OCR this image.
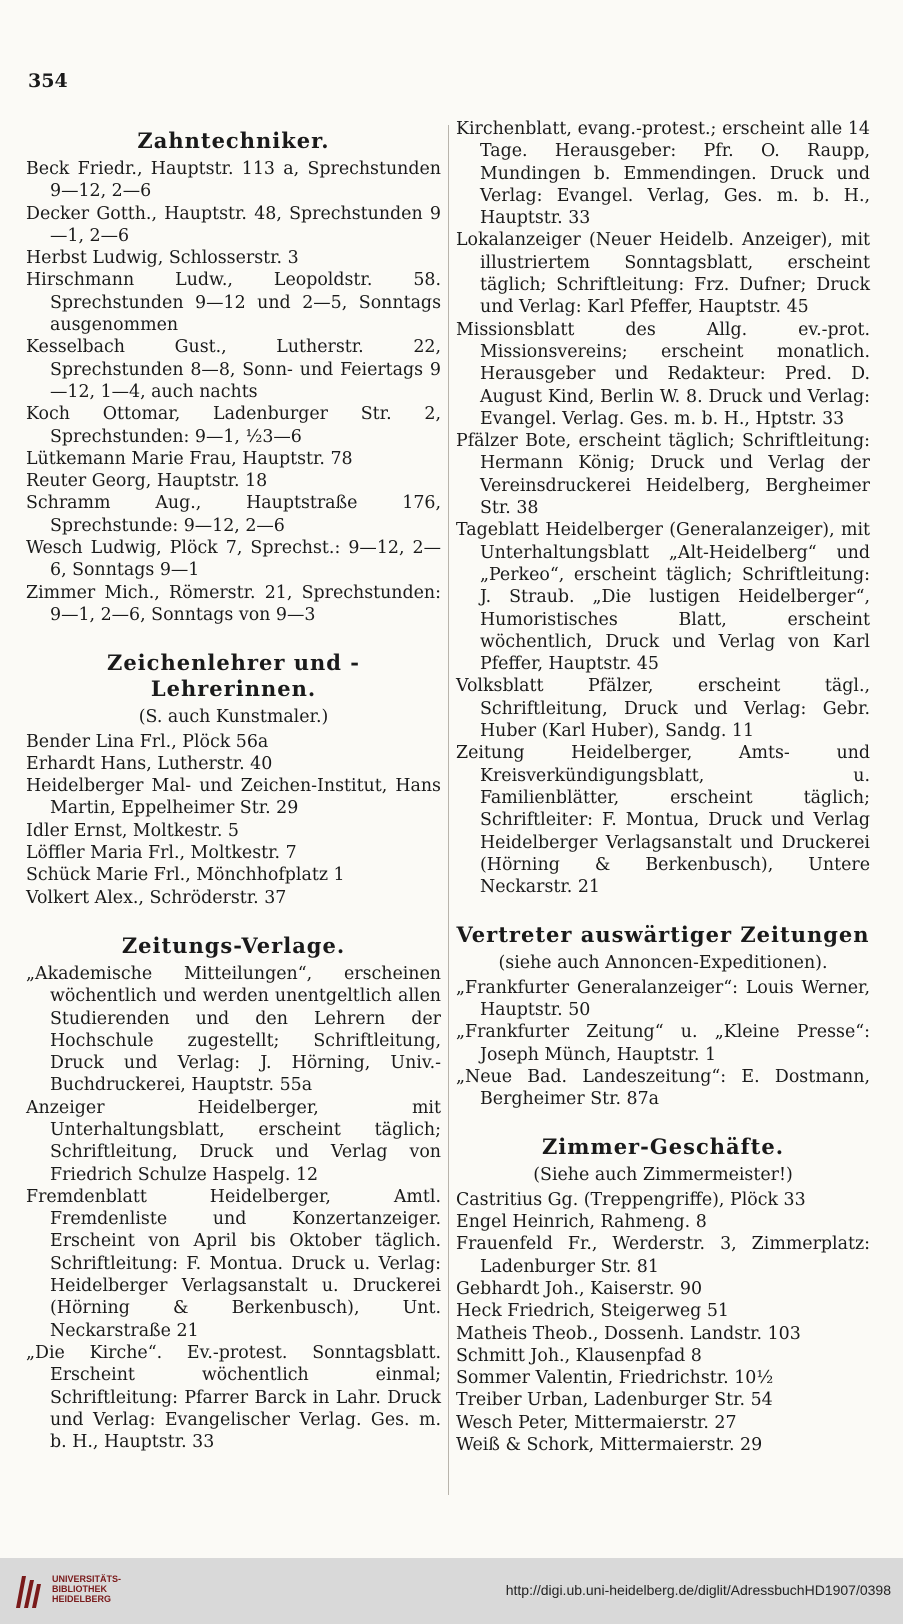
354
Zahntechniker.
Beck Friedr., Hauptstr. 113 a, Sprechstunden 9—12, 2—6
Decker Gotth., Hauptstr. 48, Sprechstunden 9—1, 2—6
Herbst Ludwig, Schlosserstr. 3
Hirschmann Ludw., Leopoldstr. 58. Sprechstunden 9—12 und 2—5, Sonntags ausgenommen
Kesselbach Gust., Lutherstr. 22, Sprechstunden 8—8, Sonn- und Feiertags 9—12, 1—4, auch nachts
Koch Ottomar, Ladenburger Str. 2, Sprechstunden: 9—1, ½3—6
Lütkemann Marie Frau, Hauptstr. 78
Reuter Georg, Hauptstr. 18
Schramm Aug., Hauptstraße 176, Sprechstunde: 9—12, 2—6
Wesch Ludwig, Plöck 7, Sprechst.: 9—12, 2—6, Sonntags 9—1
Zimmer Mich., Römerstr. 21, Sprechstunden: 9—1, 2—6, Sonntags von 9—3
Zeichenlehrer und -Lehrerinnen.
(S. auch Kunstmaler.)
Bender Lina Frl., Plöck 56a
Erhardt Hans, Lutherstr. 40
Heidelberger Mal- und Zeichen-Institut, Hans Martin, Eppelheimer Str. 29
Idler Ernst, Moltkestr. 5
Löffler Maria Frl., Moltkestr. 7
Schück Marie Frl., Mönchhofplatz 1
Volkert Alex., Schröderstr. 37
Zeitungs-Verlage.
„Akademische Mitteilungen“, erscheinen wöchentlich und werden unentgeltlich allen Studierenden und den Lehrern der Hochschule zugestellt; Schriftleitung, Druck und Verlag: J. Hörning, Univ.-Buchdruckerei, Hauptstr. 55a
Anzeiger Heidelberger, mit Unterhaltungsblatt, erscheint täglich; Schriftleitung, Druck und Verlag von Friedrich Schulze Haspelg. 12
Fremdenblatt Heidelberger, Amtl. Fremdenliste und Konzertanzeiger. Erscheint von April bis Oktober täglich. Schriftleitung: F. Montua. Druck u. Verlag: Heidelberger Verlagsanstalt u. Druckerei (Hörning & Berkenbusch), Unt. Neckarstraße 21
„Die Kirche“. Ev.-protest. Sonntagsblatt. Erscheint wöchentlich einmal; Schriftleitung: Pfarrer Barck in Lahr. Druck und Verlag: Evangelischer Verlag. Ges. m. b. H., Hauptstr. 33
Kirchenblatt, evang.-protest.; erscheint alle 14 Tage. Herausgeber: Pfr. O. Raupp, Mundingen b. Emmendingen. Druck und Verlag: Evangel. Verlag, Ges. m. b. H., Hauptstr. 33
Lokalanzeiger (Neuer Heidelb. Anzeiger), mit illustriertem Sonntagsblatt, erscheint täglich; Schriftleitung: Frz. Dufner; Druck und Verlag: Karl Pfeffer, Hauptstr. 45
Missionsblatt des Allg. ev.-prot. Missionsvereins; erscheint monatlich. Herausgeber und Redakteur: Pred. D. August Kind, Berlin W. 8. Druck und Verlag: Evangel. Verlag. Ges. m. b. H., Hptstr. 33
Pfälzer Bote, erscheint täglich; Schriftleitung: Hermann König; Druck und Verlag der Vereinsdruckerei Heidelberg, Bergheimer Str. 38
Tageblatt Heidelberger (Generalanzeiger), mit Unterhaltungsblatt „Alt-Heidelberg“ und „Perkeo“, erscheint täglich; Schriftleitung: J. Straub. „Die lustigen Heidelberger“, Humoristisches Blatt, erscheint wöchentlich, Druck und Verlag von Karl Pfeffer, Hauptstr. 45
Volksblatt Pfälzer, erscheint tägl., Schriftleitung, Druck und Verlag: Gebr. Huber (Karl Huber), Sandg. 11
Zeitung Heidelberger, Amts- und Kreisverkündigungsblatt, u. Familienblätter, erscheint täglich; Schriftleiter: F. Montua, Druck und Verlag Heidelberger Verlagsanstalt und Druckerei (Hörning & Berkenbusch), Untere Neckarstr. 21
Vertreter auswärtiger Zeitungen
(siehe auch Annoncen-Expeditionen).
„Frankfurter Generalanzeiger“: Louis Werner, Hauptstr. 50
„Frankfurter Zeitung“ u. „Kleine Presse“: Joseph Münch, Hauptstr. 1
„Neue Bad. Landeszeitung“: E. Dostmann, Bergheimer Str. 87a
Zimmer-Geschäfte.
(Siehe auch Zimmermeister!)
Castritius Gg. (Treppengriffe), Plöck 33
Engel Heinrich, Rahmeng. 8
Frauenfeld Fr., Werderstr. 3, Zimmerplatz: Ladenburger Str. 81
Gebhardt Joh., Kaiserstr. 90
Heck Friedrich, Steigerweg 51
Matheis Theob., Dossenh. Landstr. 103
Schmitt Joh., Klausenpfad 8
Sommer Valentin, Friedrichstr. 10½
Treiber Urban, Ladenburger Str. 54
Wesch Peter, Mittermaierstr. 27
Weiß & Schork, Mittermaierstr. 29
UNIVERSITÄTS-
BIBLIOTHEK
HEIDELBERG
http://digi.ub.uni-heidelberg.de/diglit/AdressbuchHD1907/0398
